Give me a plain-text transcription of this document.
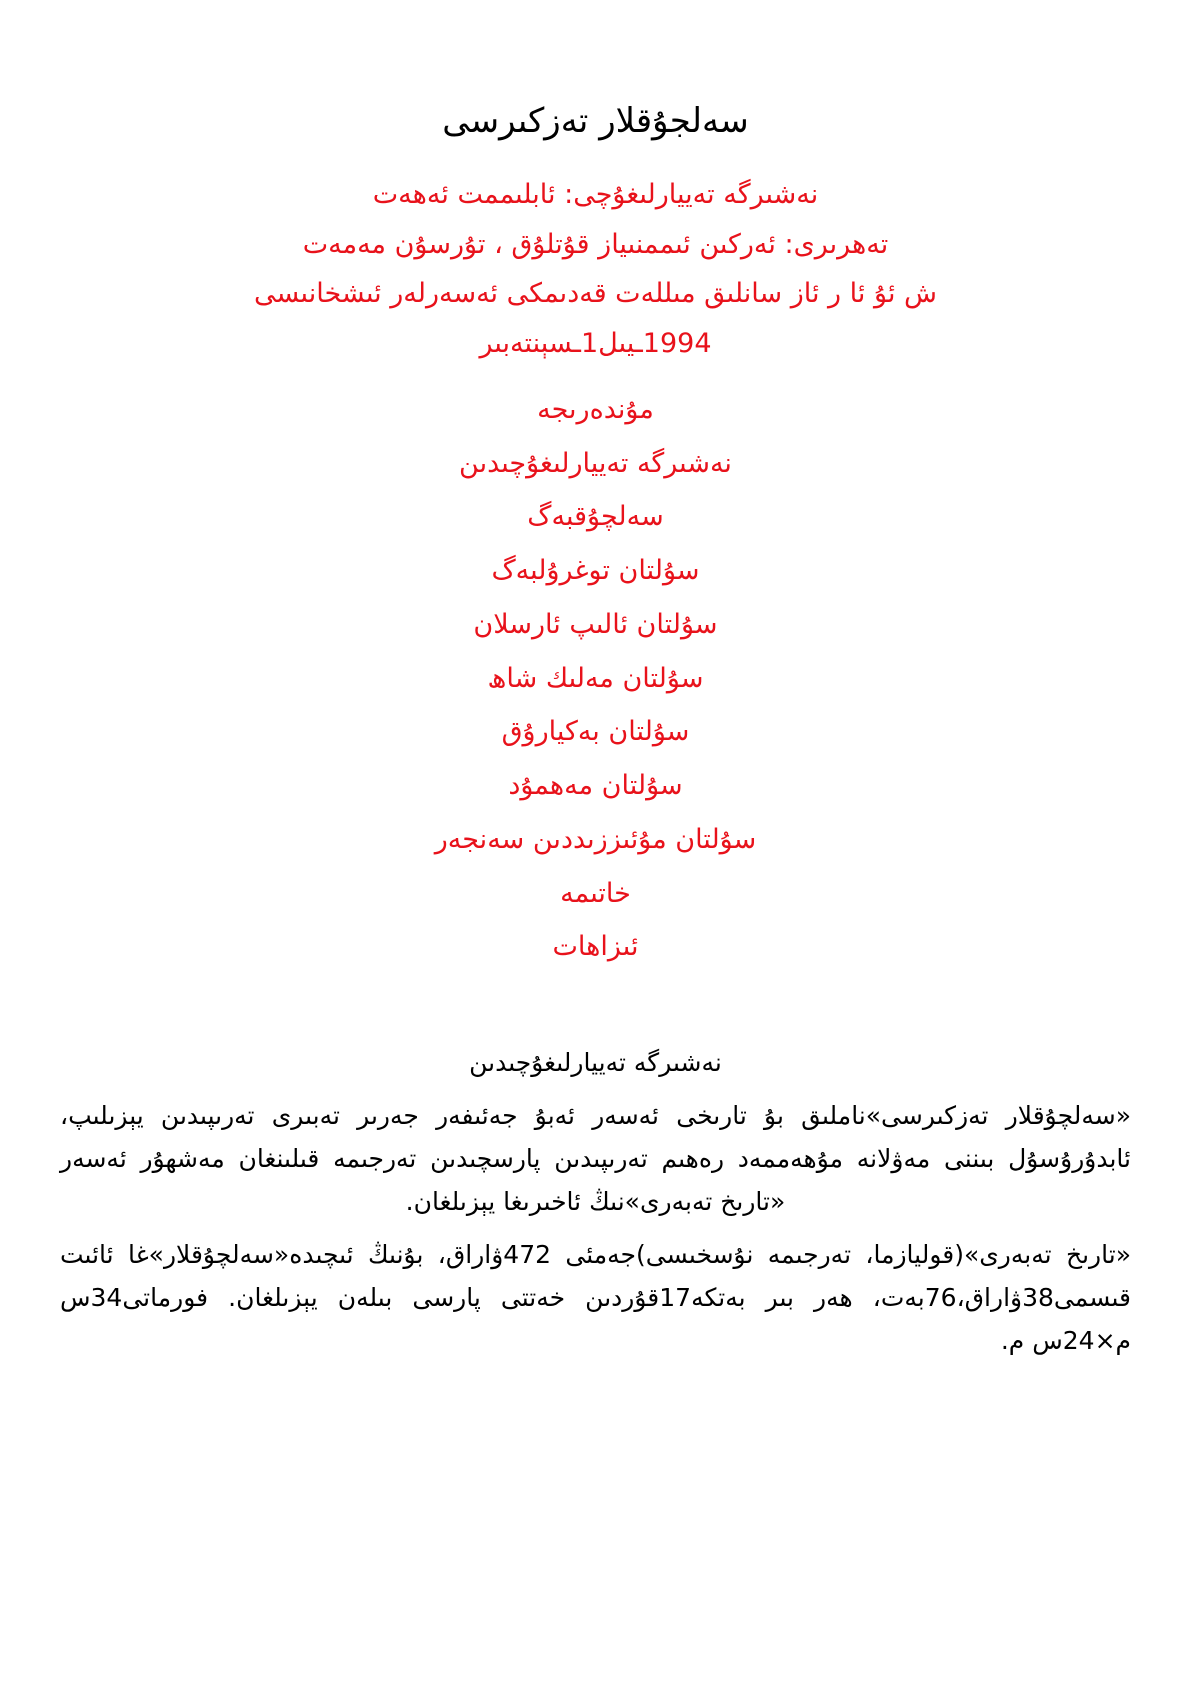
سەلجۇقلار تەزكىرسى
نەشىرگە تەييارلىغۇچى: ئابلىممت ئەھەت
تەھرىرى: ئەركىن ئىممنىياز قۇتلۇق ، تۇرسۇن مەمەت
ش ئۇ ئا ر ئاز سانلىق مىللەت قەدىمكى ئەسەرلەر ئىشخانىسى
1994ـيىل1ـسېنتەبىر
مۇندەرىجە
نەشىرگە تەييارلىغۇچىدىن
سەلچۇقبەگ
سۇلتان توغرۇلبەگ
سۇلتان ئالىپ ئارسلان
سۇلتان مەلىك شاھ
سۇلتان بەكيارۇق
سۇلتان مەھمۇد
سۇلتان مۇئىززىددىن سەنجەر
خاتىمە
ئىزاھات
نەشىرگە تەييارلىغۇچىدىن

«سەلچۇقلار تەزكىرسى»ناملىق بۇ تارىخى ئەسەر ئەبۇ جەئىفەر جەرىر تەبىرى تەرىپىدىن يېزىلىپ، ئابدۇرۇسۇل بىننى مەۋلانە مۇھەممەد رەھىم تەرىپىدىن پارسچىدىن تەرجىمە قىلىنغان مەشھۇر ئەسەر «تارىخ تەبەرى»نىڭ ئاخىرىغا يېزىلغان.

«تارىخ تەبەرى»(قوليازما، تەرجىمە نۇسخىسى)جەمئى 472ۋاراق، بۇنىڭ ئىچىدە«سەلچۇقلار»غا ئائىت قىسمى38ۋاراق،76بەت، ھەر بىر بەتكە17قۇردىن خەتتى پارسى بىلەن يېزىلغان. فورماتى34س م×24س م.
